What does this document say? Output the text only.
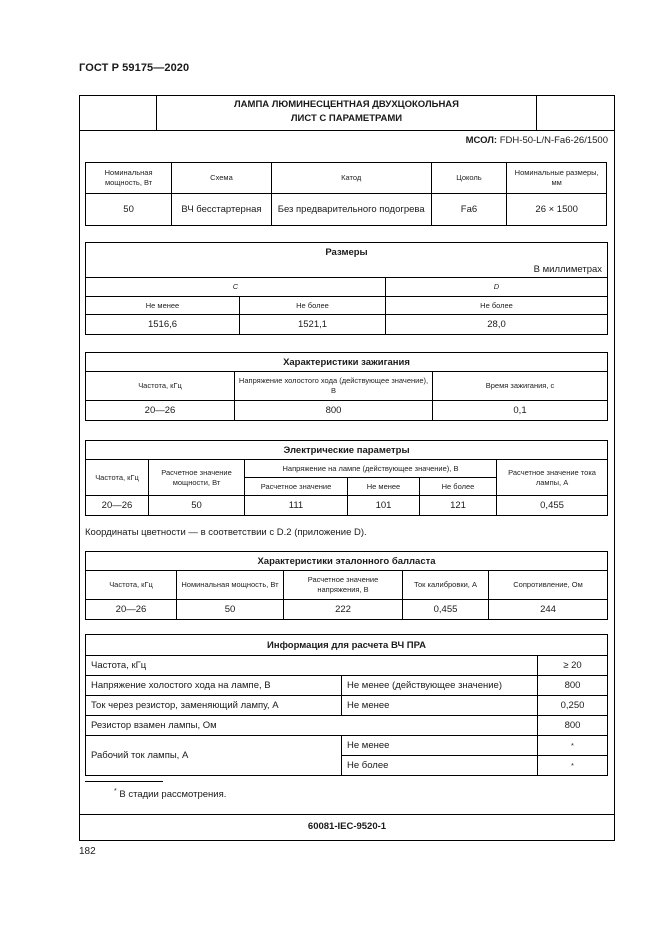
ГОСТ Р 59175—2020
ЛАМПА ЛЮМИНЕСЦЕНТНАЯ ДВУХЦОКОЛЬНАЯ
ЛИСТ С ПАРАМЕТРАМИ
МСОЛ: FDH-50-L/N-Fa6-26/1500
Номинальная мощность, Вт	Схема	Катод	Цоколь	Номинальные размеры, мм
50	ВЧ бесстартерная	Без предварительного подогрева	Fa6	26 × 1500
Размеры		
В миллиметрах		
C		D
Не менее	Не более	Не более
1516,6	1521,1	28,0
Характеристики зажигания		
Частота, кГц	Напряжение холостого хода (действующее значение), В	Время зажигания, с
20—26	800	0,1
Электрические параметры					
Частота, кГц	Расчетное значение мощности, Вт	Напряжение на лампе (действующее значение), В			Расчетное значение тока лампы, А
		Расчетное значение	Не менее	Не более	
20—26	50	111	101	121	0,455
Координаты цветности — в соответствии с D.2 (приложение D).
Характеристики эталонного балласта				
Частота, кГц	Номинальная мощность, Вт	Расчетное значение напряжения, В	Ток калибровки, А	Сопротивление, Ом
20—26	50	222	0,455	244
Информация для расчета ВЧ ПРА		
Частота, кГц		≥ 20
Напряжение холостого хода на лампе, В	Не менее (действующее значение)	800
Ток через резистор, заменяющий лампу, А	Не менее	0,250
Резистор взамен лампы, Ом		800
Рабочий ток лампы, А	Не менее	*
	Не более	*
* В стадии рассмотрения.
60081-IEC-9520-1
182
